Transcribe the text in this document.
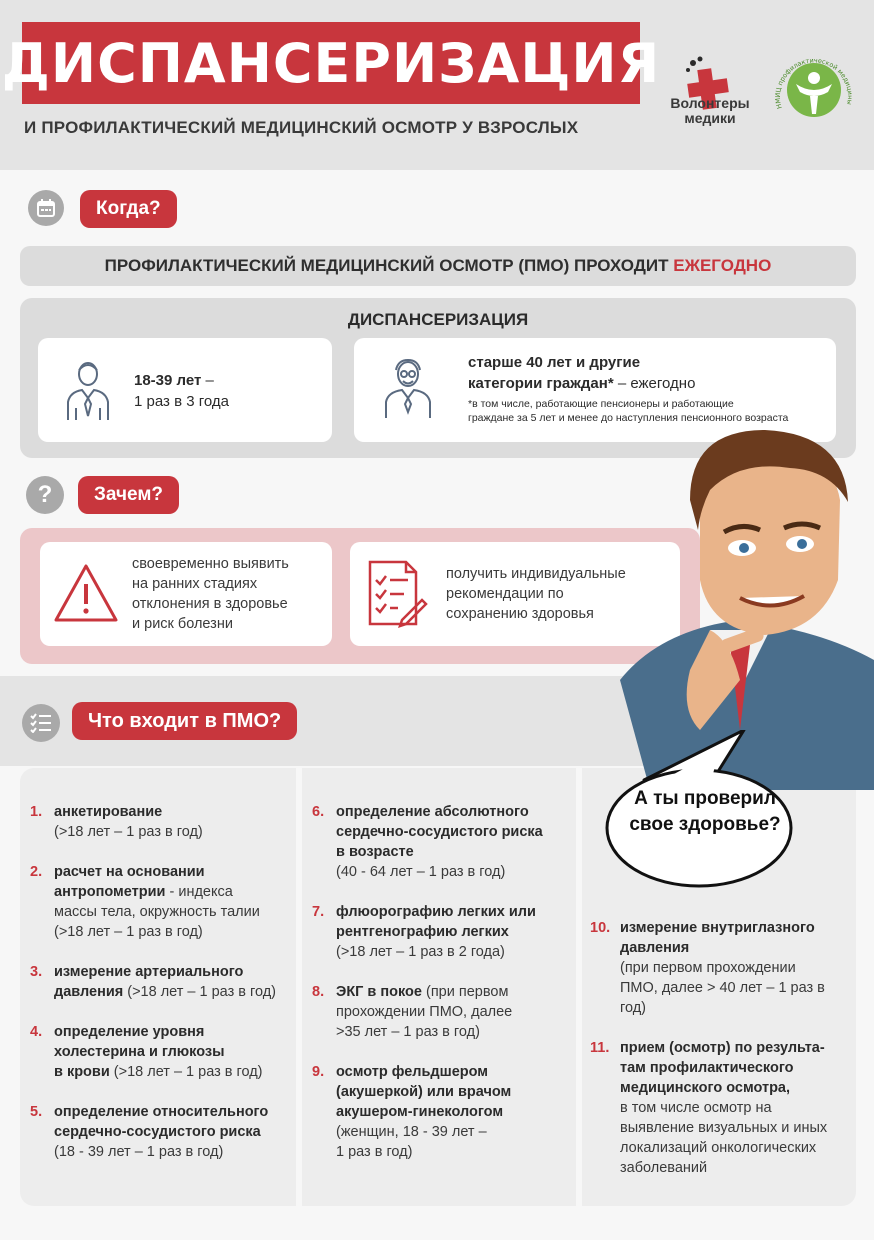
ДИСПАНСЕРИЗАЦИЯ
И ПРОФИЛАКТИЧЕСКИЙ МЕДИЦИНСКИЙ ОСМОТР У ВЗРОСЛЫХ
Волонтеры
медики
НМИЦ профилактической медицины
Когда?
ПРОФИЛАКТИЧЕСКИЙ МЕДИЦИНСКИЙ ОСМОТР (ПМО) ПРОХОДИТ
ЕЖЕГОДНО
ДИСПАНСЕРИЗАЦИЯ
18-39 лет –
1 раз в 3 года
старше 40 лет и другие
категории граждан* – ежегодно
*в том числе, работающие пенсионеры и работающие
граждане за 5 лет и менее до наступления пенсионного возраста
?	Зачем?
своевременно выявить
на ранних стадиях
отклонения в здоровье
и риск болезни
получить индивидуальные
рекомендации по
сохранению здоровья
Что входит в ПМО?
1. анкетирование
(>18 лет – 1 раз в год)
2. расчет на основании
антропометрии - индекса
массы тела, окружность талии
(>18 лет – 1 раз в год)
3. измерение артериального
давления (>18 лет – 1 раз в год)
4. определение уровня
холестерина и глюкозы
в крови (>18 лет – 1 раз в год)
5. определение относительного
сердечно-сосудистого риска
(18 - 39 лет – 1 раз в год)
6. определение абсолютного
сердечно-сосудистого риска
в возрасте
(40 - 64 лет – 1 раз в год)
7. флюорографию легких или
рентгенографию легких
(>18 лет – 1 раз в 2 года)
8. ЭКГ в покое (при первом
прохождении ПМО, далее
>35 лет – 1 раз в год)
9. осмотр фельдшером
(акушеркой) или врачом
акушером-гинекологом
(женщин, 18 - 39 лет –
1 раз в год)
10. измерение внутриглазного
давления
(при первом прохождении
ПМО, далее > 40 лет – 1 раз в
год)
11. прием (осмотр) по результа-
там профилактического
медицинского осмотра,
в том числе осмотр на
выявление визуальных и иных
локализаций онкологических
заболеваний
А ты проверил
свое здоровье?
